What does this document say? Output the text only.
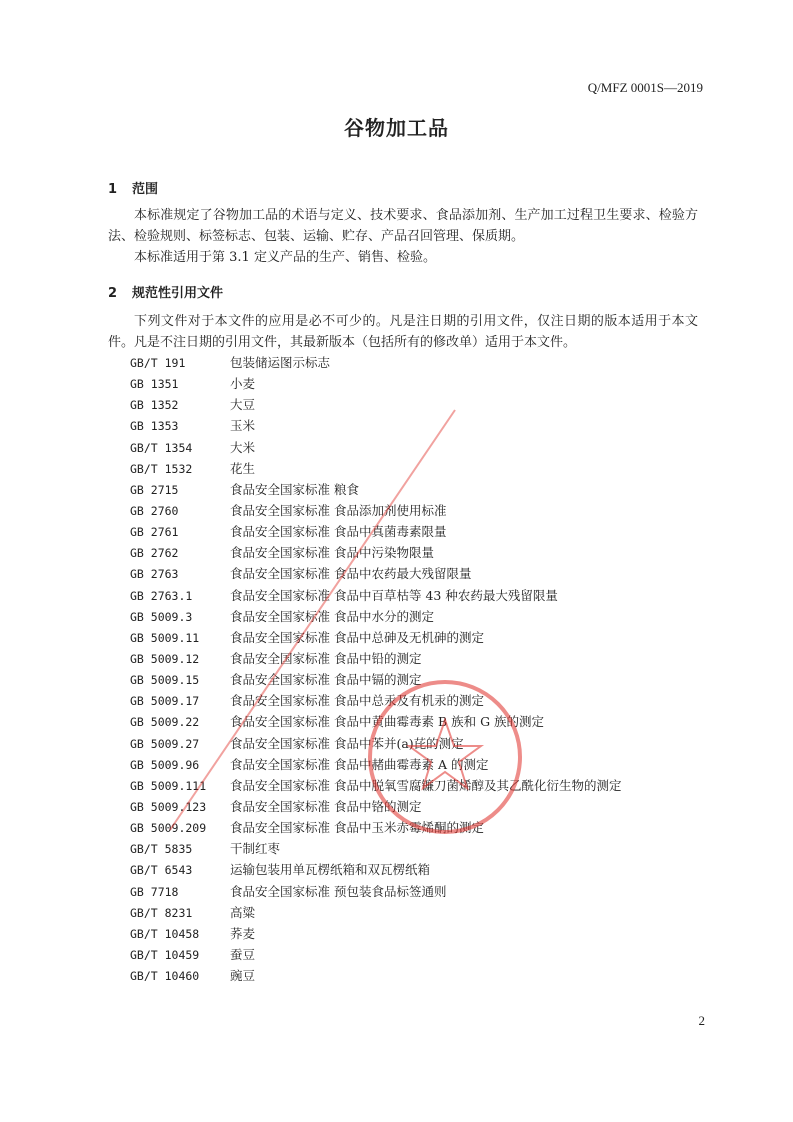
Q/MFZ 0001S—2019
谷物加工品
1 范围
本标准规定了谷物加工品的术语与定义、技术要求、食品添加剂、生产加工过程卫生要求、检验方法、检验规则、标签标志、包装、运输、贮存、产品召回管理、保质期。
本标准适用于第 3.1 定义产品的生产、销售、检验。
2 规范性引用文件
下列文件对于本文件的应用是必不可少的。凡是注日期的引用文件，仅注日期的版本适用于本文件。凡是不注日期的引用文件，其最新版本（包括所有的修改单）适用于本文件。
GB/T 191	包装储运图示标志
GB 1351	小麦
GB 1352	大豆
GB 1353	玉米
GB/T 1354	大米
GB/T 1532	花生
GB 2715	食品安全国家标准 粮食
GB 2760	食品安全国家标准 食品添加剂使用标准
GB 2761	食品安全国家标准 食品中真菌毒素限量
GB 2762	食品安全国家标准 食品中污染物限量
GB 2763	食品安全国家标准 食品中农药最大残留限量
GB 2763.1	食品安全国家标准 食品中百草枯等 43 种农药最大残留限量
GB 5009.3	食品安全国家标准 食品中水分的测定
GB 5009.11 食品安全国家标准 食品中总砷及无机砷的测定
GB 5009.12 食品安全国家标准 食品中铅的测定
GB 5009.15 食品安全国家标准 食品中镉的测定
GB 5009.17 食品安全国家标准 食品中总汞及有机汞的测定
GB 5009.22 食品安全国家标准 食品中黄曲霉毒素 B 族和 G 族的测定
GB 5009.27 食品安全国家标准 食品中苯并(a)芘的测定
GB 5009.96 食品安全国家标准 食品中赭曲霉毒素 A 的测定
GB 5009.111 食品安全国家标准 食品中脱氧雪腐镰刀菌烯醇及其乙酰化衍生物的测定
GB 5009.123 食品安全国家标准 食品中铬的测定
GB 5009.209 食品安全国家标准 食品中玉米赤霉烯酮的测定
GB/T 5835	干制红枣
GB/T 6543	运输包装用单瓦楞纸箱和双瓦楞纸箱
GB 7718	食品安全国家标准 预包装食品标签通则
GB/T 8231	高粱
GB/T 10458 荞麦
GB/T 10459 蚕豆
GB/T 10460 豌豆
2
